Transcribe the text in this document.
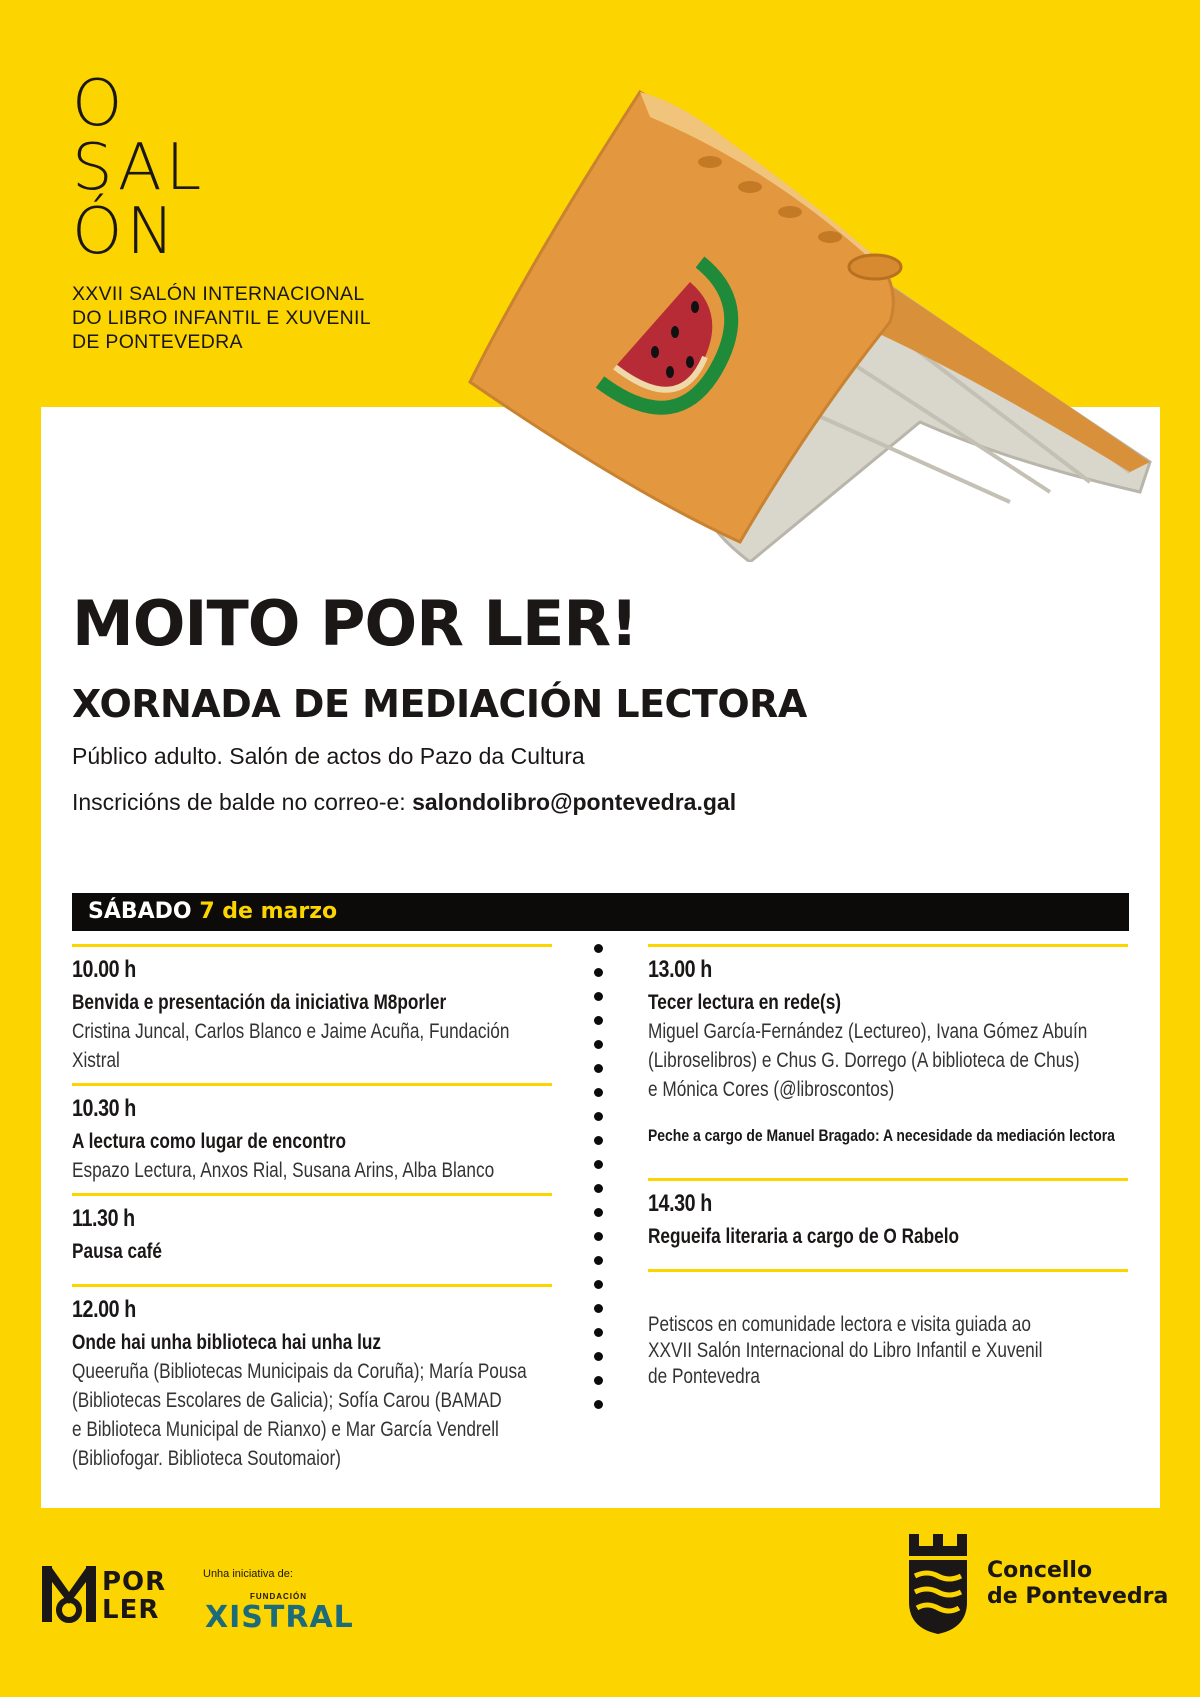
O
SAL
ÓN
XXVII SALÓN INTERNACIONAL
DO LIBRO INFANTIL E XUVENIL
DE PONTEVEDRA
MOITO POR LER!
XORNADA DE MEDIACIÓN LECTORA
Público adulto. Salón de actos do Pazo da Cultura
Inscricións de balde no correo-e: salondolibro@pontevedra.gal
SÁBADO 7 de marzo
10.00 h
Benvida e presentación da iniciativa M8porler
Cristina Juncal, Carlos Blanco e Jaime Acuña, Fundación Xistral
10.30 h
A lectura como lugar de encontro
Espazo Lectura, Anxos Rial, Susana Arins, Alba Blanco
11.30 h
Pausa café
12.00 h
Onde hai unha biblioteca hai unha luz
Queeruña (Bibliotecas Municipais da Coruña); María Pousa
(Bibliotecas Escolares de Galicia); Sofía Carou (BAMAD
e Biblioteca Municipal de Rianxo) e Mar García Vendrell
(Bibliofogar. Biblioteca Soutomaior)
13.00 h
Tecer lectura en rede(s)
Miguel García-Fernández (Lectureo), Ivana Gómez Abuín
(Libroselibros) e Chus G. Dorrego (A biblioteca de Chus)
e Mónica Cores (@libroscontos)
Peche a cargo de Manuel Bragado: A necesidade da mediación lectora
14.30 h
Regueifa literaria a cargo de O Rabelo
Petiscos en comunidade lectora e visita guiada ao
XXVII Salón Internacional do Libro Infantil e Xuvenil
de Pontevedra
POR
LER
Unha iniciativa de:
FUNDACIÓN
XISTRAL
Concello
de Pontevedra
